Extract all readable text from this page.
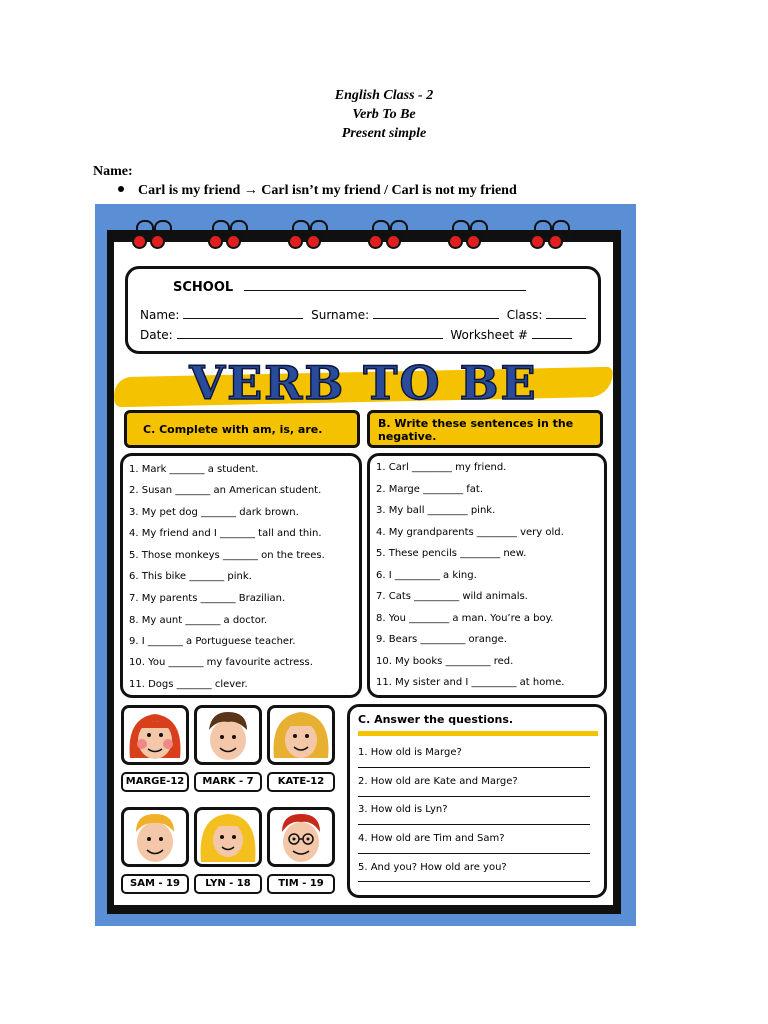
English Class - 2
Verb To Be
Present simple
Name:
Carl is my friend → Carl isn’t my friend / Carl is not my friend
SCHOOL
Name:	Surname:	Class:
Date:	Worksheet #
VERB TO BE
C. Complete with am, is, are.	B. Write these sentences in the negative.
1. Mark _______ a student.
2. Susan _______ an American student.
3. My pet dog _______ dark brown.
4. My friend and I _______ tall and thin.
5. Those monkeys _______ on the trees.
6. This bike _______ pink.
7. My parents _______ Brazilian.
8. My aunt _______ a doctor.
9. I _______ a Portuguese teacher.
10. You _______ my favourite actress.
11. Dogs _______ clever.
1. Carl ________ my friend.
2. Marge ________ fat.
3. My ball ________ pink.
4. My grandparents ________ very old.
5. These pencils ________ new.
6. I _________ a king.
7. Cats _________ wild animals.
8. You ________ a man. You’re a boy.
9. Bears _________ orange.
10. My books _________ red.
11. My sister and I _________ at home.
MARGE-12	MARK - 7	KATE-12
SAM - 19	LYN - 18	TIM - 19
C. Answer the questions.
1. How old is Marge?
2. How old are Kate and Marge?
3. How old is Lyn?
4. How old are Tim and Sam?
5. And you? How old are you?
